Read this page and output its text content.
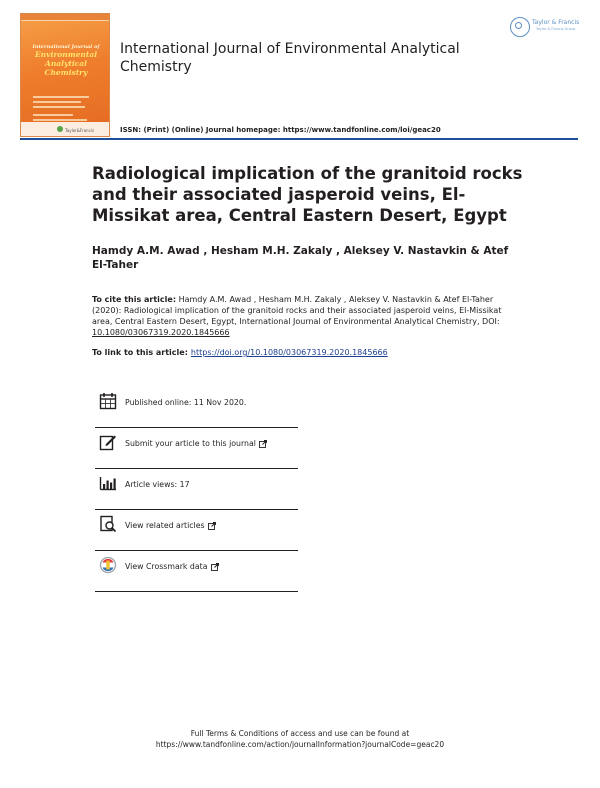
International Journal of
Environmental
Analytical
Chemistry
Taylor&Francis
International Journal of Environmental Analytical Chemistry
ISSN: (Print) (Online) Journal homepage: https://www.tandfonline.com/loi/geac20
Taylor & Francis
Taylor & Francis Group
Radiological implication of the granitoid rocks and their associated jasperoid veins, El-Missikat area, Central Eastern Desert, Egypt
Hamdy A.M. Awad , Hesham M.H. Zakaly , Aleksey V. Nastavkin & Atef El-Taher
To cite this article: Hamdy A.M. Awad , Hesham M.H. Zakaly , Aleksey V. Nastavkin & Atef El-Taher (2020): Radiological implication of the granitoid rocks and their associated jasperoid veins, El-Missikat area, Central Eastern Desert, Egypt, International Journal of Environmental Analytical Chemistry, DOI: 10.1080/03067319.2020.1845666
To link to this article: https://doi.org/10.1080/03067319.2020.1845666
Published online: 11 Nov 2020.
Submit your article to this journal
Article views: 17
View related articles
View Crossmark data
Full Terms & Conditions of access and use can be found at
https://www.tandfonline.com/action/journalInformation?journalCode=geac20
